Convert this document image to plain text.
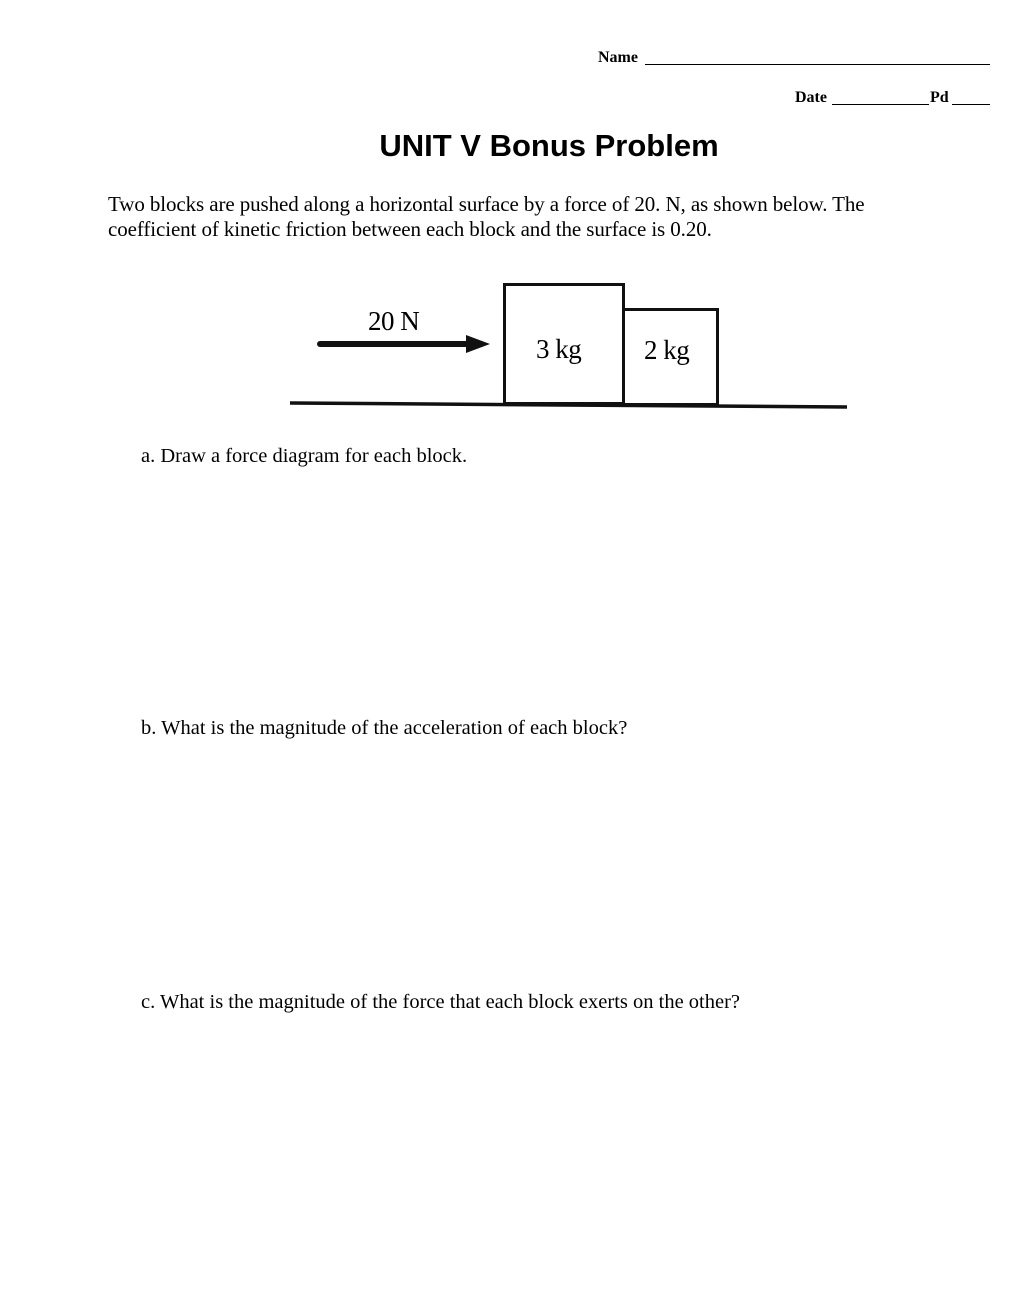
Name
Date	Pd
UNIT V Bonus Problem
Two blocks are pushed along a horizontal surface by a force of 20. N, as shown below. The
coefficient of kinetic friction between each block and the surface is 0.20.
20 N
3 kg 2 kg
a. Draw a force diagram for each block.
b. What is the magnitude of the acceleration of each block?
c. What is the magnitude of the force that each block exerts on the other?
